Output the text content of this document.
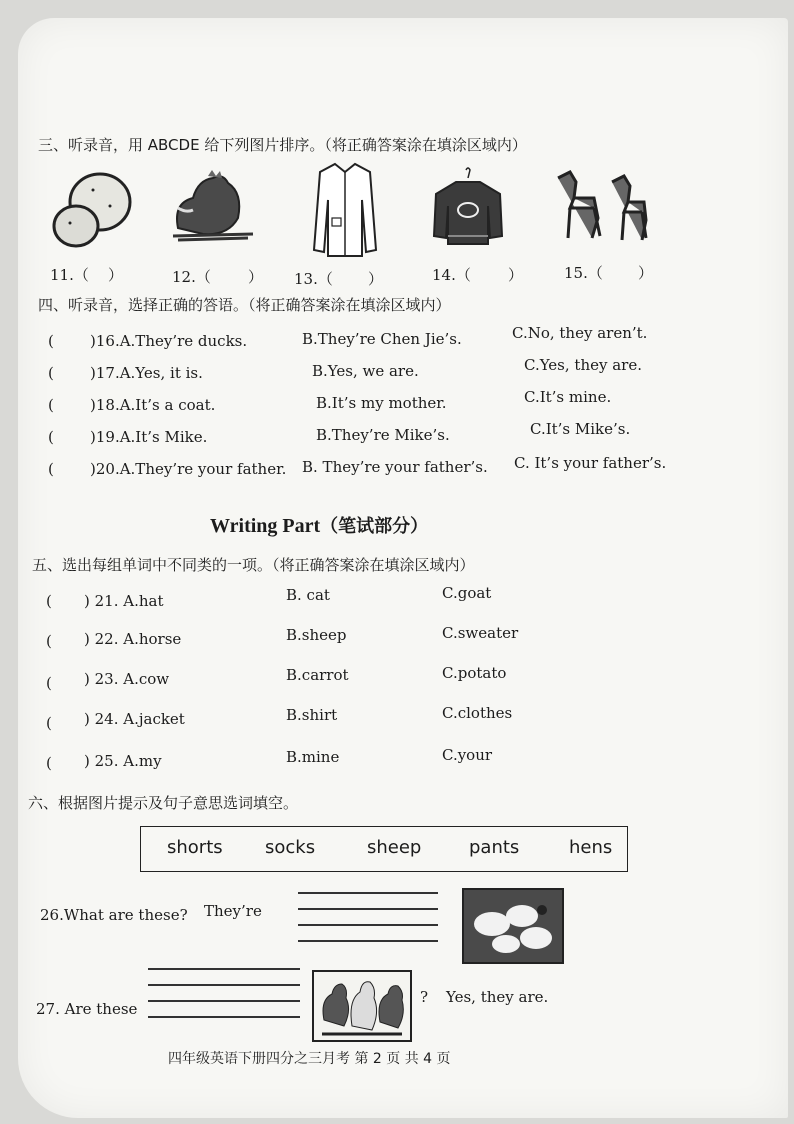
三、听录音，用 ABCDE 给下列图片排序。（将正确答案涂在填涂区域内）
11.（ ）	12.（ ） 13.（ ）	14.（ ）	15.（ ）
四、听录音，选择正确的答语。（将正确答案涂在填涂区域内）
( )16.A.They’re ducks.	B.They’re Chen Jie’s.	C.No, they aren’t.
( )17.A.Yes, it is.	B.Yes, we are.	C.Yes, they are.
( )18.A.It’s a coat.	B.It’s my mother.	C.It’s mine.
( )19.A.It’s Mike.	B.They’re Mike’s.	C.It’s Mike’s.
( )20.A.They’re your father. B. They’re your father’s. C. It’s your father’s.
Writing Part（笔试部分）
五、选出每组单词中不同类的一项。（将正确答案涂在填涂区域内）
( ) 21. A.hat	B. cat	C.goat
( ) 22. A.horse	B.sheep	C.sweater
( ) 23. A.cow	B.carrot	C.potato
( ) 24. A.jacket	B.shirt	C.clothes
( ) 25. A.my	B.mine	C.your
六、根据图片提示及句子意思选词填空。
shorts socks	sheep	pants	hens
26.What are these? They’re
27. Are these
? Yes, they are.
四年级英语下册四分之三月考 第 2 页 共 4 页
